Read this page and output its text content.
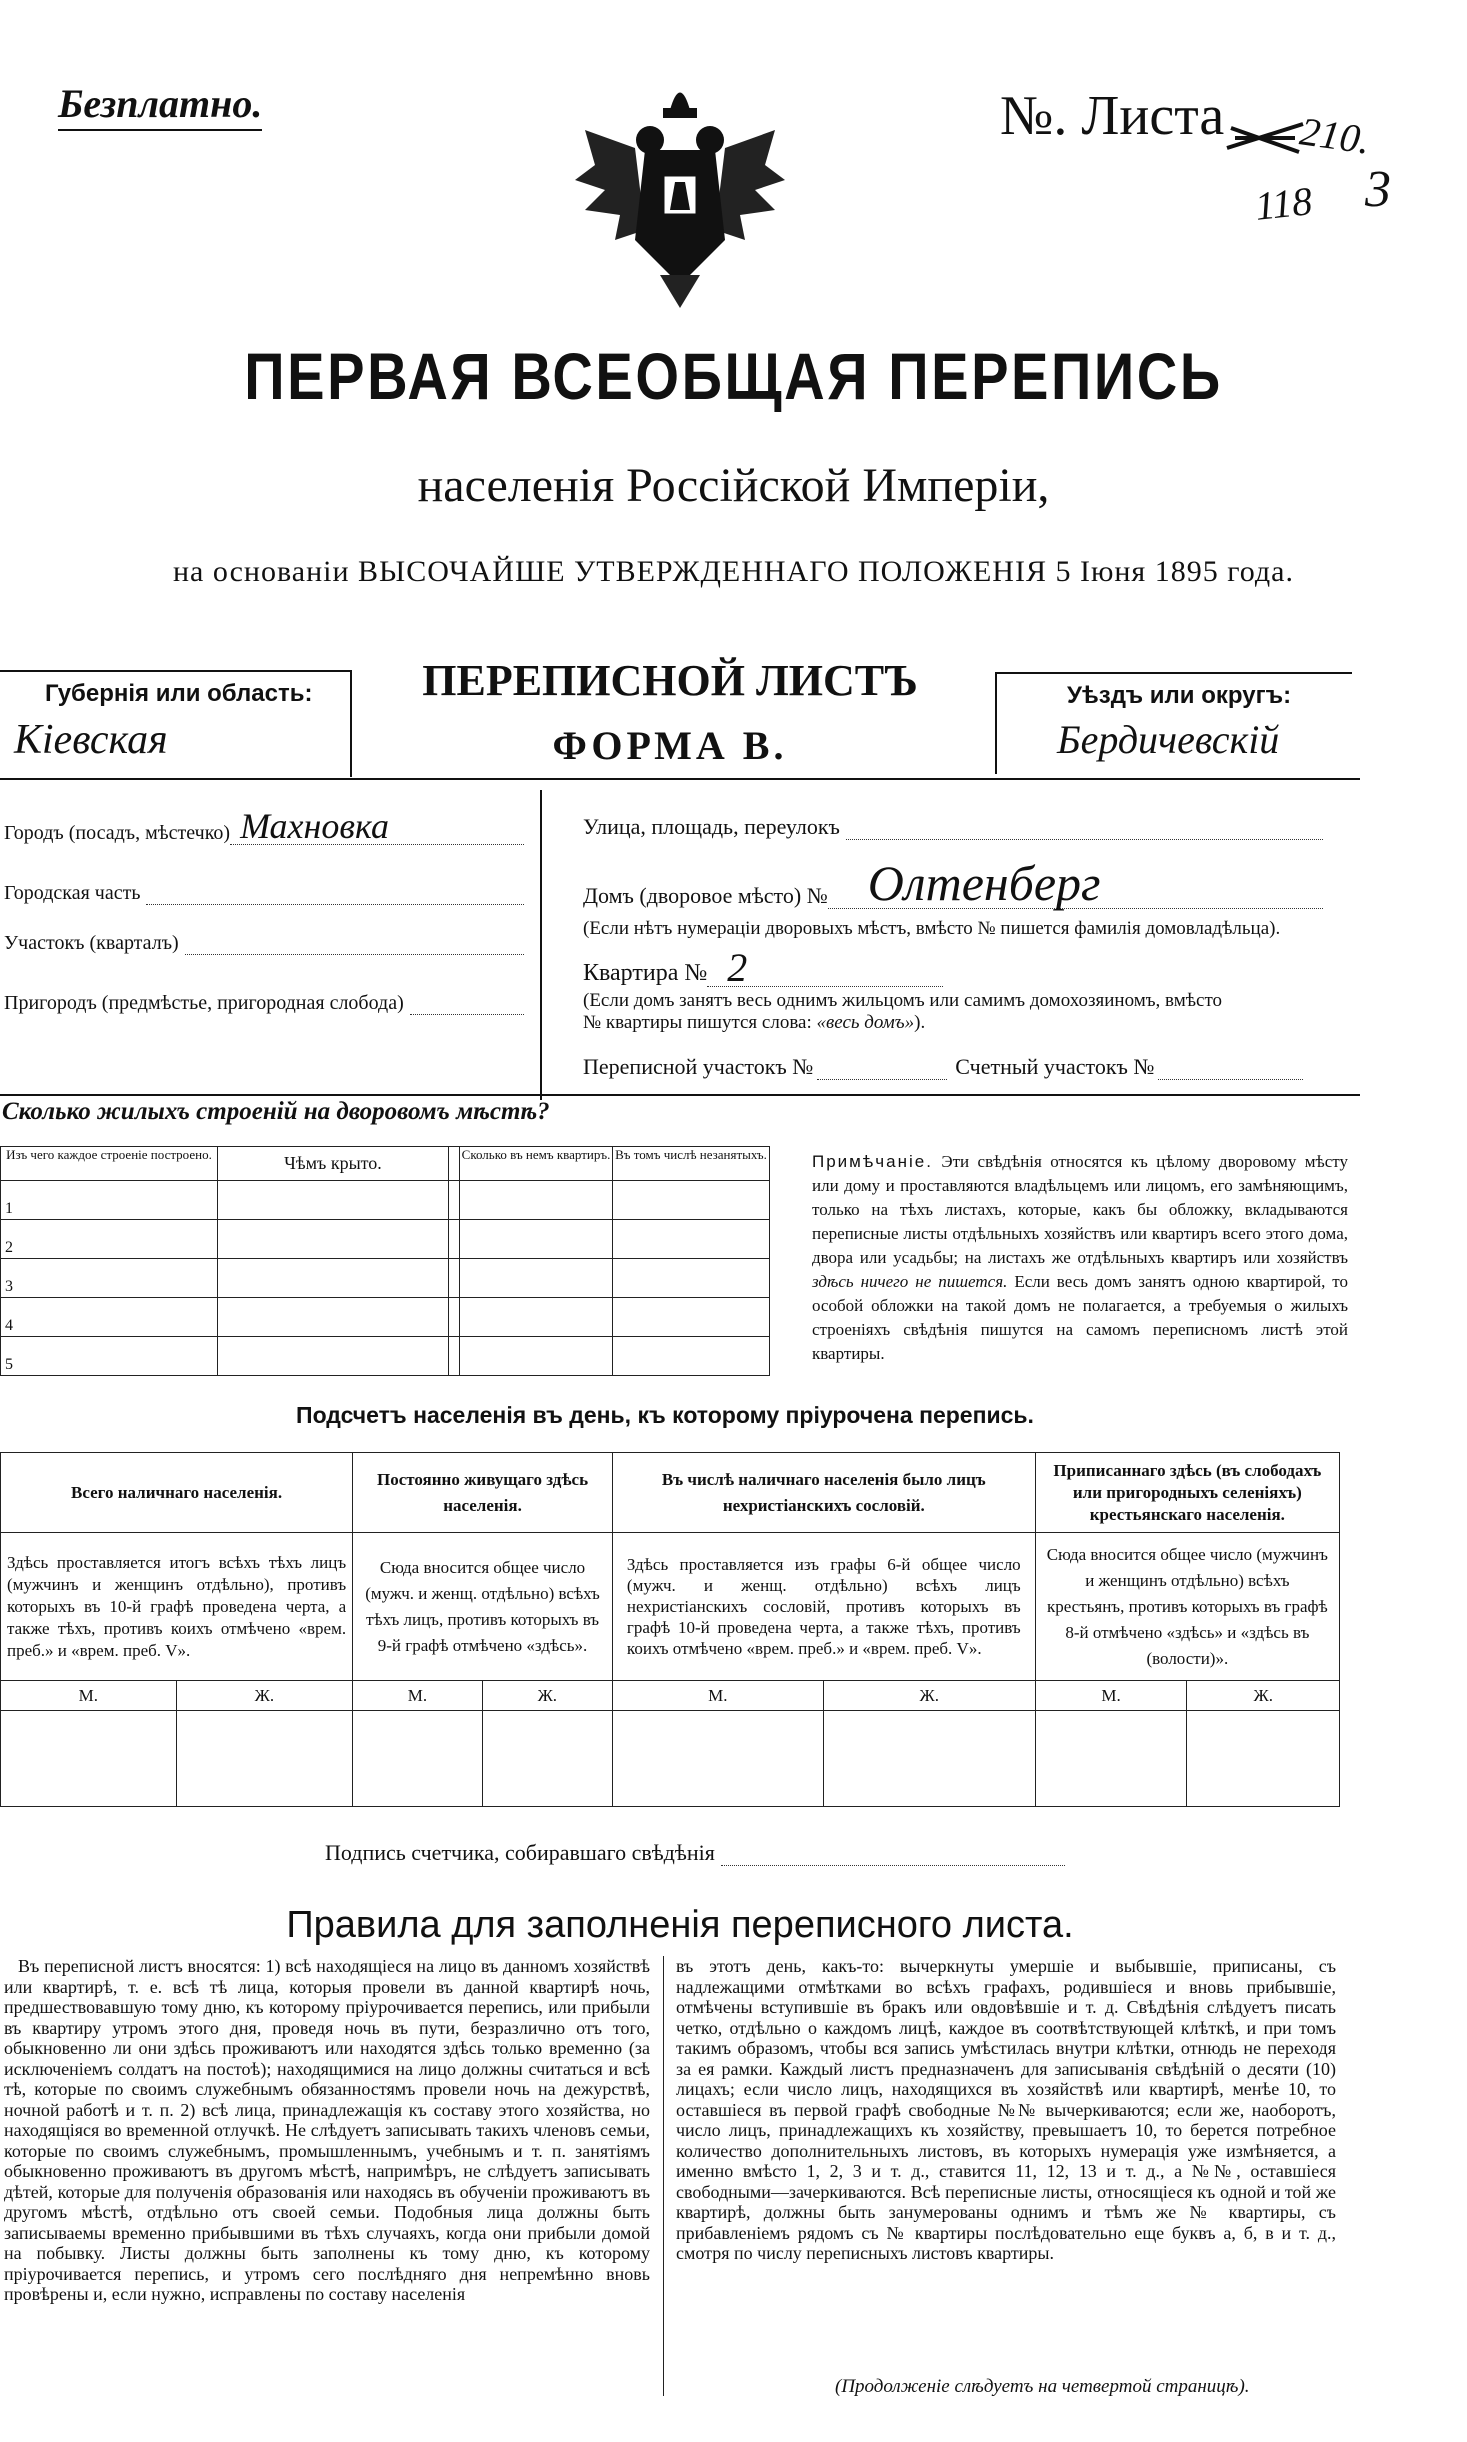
Безплатно.	№. Листа 210.
118 3
ПЕРВАЯ ВСЕОБЩАЯ ПЕРЕПИСЬ
населенія Россійской Имперіи,
на основаніи ВЫСОЧАЙШЕ УТВЕРЖДЕННАГО ПОЛОЖЕНІЯ 5 Іюня 1895 года.
Губернія или область:
Кіевская
ПЕРЕПИСНОЙ ЛИСТЪ
ФОРМА В.
Уѣздъ или округъ:
Бердичевскій
Городъ (посадъ, мѣстечко) Махновка
Городская часть
Участокъ (кварталъ)
Пригородъ (предмѣстье, пригородная слобода)
Улица, площадь, переулокъ
Домъ (дворовое мѣсто) № Олтенберг
(Если нѣтъ нумераціи дворовыхъ мѣстъ, вмѣсто № пишется фамилія домовладѣльца).
Квартира № 2
(Если домъ занятъ весь однимъ жильцомъ или самимъ домохозяиномъ, вмѣсто
№ квартиры пишутся слова: «весь домъ»).
Переписной участокъ №	Счетный участокъ №
Сколько жилыхъ строеній на дворовомъ мѣстѣ?
Изъ чего каждое строеніе построено.	Чѣмъ крыто.		Сколько въ немъ квартиръ.	Въ томъ числѣ незанятыхъ.
1				
2				
3				
4				
5				
Примѣчаніе. Эти свѣдѣнія относятся къ цѣлому дворовому мѣсту или дому и проставляются владѣльцемъ или лицомъ, его замѣняющимъ, только на тѣхъ листахъ, которые, какъ бы обложку, вкладываются переписные листы отдѣльныхъ хозяйствъ или квартиръ всего этого дома, двора или усадьбы; на листахъ же отдѣльныхъ квартиръ или хозяйствъ здѣсь ничего не пишется. Если весь домъ занятъ одною квартирой, то особой обложки на такой домъ не полагается, а требуемыя о жилыхъ строеніяхъ свѣдѣнія пишутся на самомъ переписномъ листѣ этой квартиры.
Подсчетъ населенія въ день, къ которому пріурочена перепись.
Всего наличнаго населенія.		Постоянно живущаго здѣсь населенія.		Въ числѣ наличнаго населенія было лицъ нехристіанскихъ сословій.		Приписаннаго здѣсь (въ слободахъ или пригородныхъ селеніяхъ) крестьянскаго населенія.	
Здѣсь проставляется итогъ всѣхъ тѣхъ лицъ (мужчинъ и женщинъ отдѣльно), противъ которыхъ въ 10-й графѣ проведена черта, а также тѣхъ, противъ коихъ отмѣчено «врем. преб.» и «врем. преб. V».		Сюда вносится общее число (мужч. и женщ. отдѣльно) всѣхъ тѣхъ лицъ, противъ которыхъ въ 9-й графѣ отмѣчено «здѣсь».		Здѣсь проставляется изъ графы 6-й общее число (мужч. и женщ. отдѣльно) всѣхъ лицъ нехристіанскихъ сословій, противъ которыхъ въ графѣ 10-й проведена черта, а также тѣхъ, противъ коихъ отмѣчено «врем. преб.» и «врем. преб. V».		Сюда вносится общее число (мужчинъ и женщинъ отдѣльно) всѣхъ крестьянъ, противъ которыхъ въ графѣ 8-й отмѣчено «здѣсь» и «здѣсь въ (волости)».	
М.	Ж.	М.	Ж.	М.	Ж.	М.	Ж.

Подпись счетчика, собиравшаго свѣдѣнія
Правила для заполненія переписного листа.
Въ переписной листъ вносятся: 1) всѣ находящіеся на лицо въ данномъ хозяйствѣ или квартирѣ, т. е. всѣ тѣ лица, которыя провели въ данной квартирѣ ночь, предшествовавшую тому дню, къ которому пріурочивается перепись, или прибыли въ квартиру утромъ этого дня, проведя ночь въ пути, безразлично отъ того, обыкновенно ли они здѣсь проживаютъ или находятся здѣсь только временно (за исключеніемъ солдатъ на постоѣ); находящимися на лицо должны считаться и всѣ тѣ, которые по своимъ служебнымъ обязанностямъ провели ночь на дежурствѣ, ночной работѣ и т. п. 2) всѣ лица, принадлежащія къ составу этого хозяйства, но находящіяся во временной отлучкѣ. Не слѣдуетъ записывать такихъ членовъ семьи, которые по своимъ служебнымъ, промышленнымъ, учебнымъ и т. п. занятіямъ обыкновенно проживаютъ въ другомъ мѣстѣ, напримѣръ, не слѣдуетъ записывать дѣтей, которые для полученія образованія или находясь въ обученіи проживаютъ въ другомъ мѣстѣ, отдѣльно отъ своей семьи. Подобныя лица должны быть записываемы временно прибывшими въ тѣхъ случаяхъ, когда они прибыли домой на побывку. Листы должны быть заполнены къ тому дню, къ которому пріурочивается перепись, и утромъ сего послѣдняго дня непремѣнно вновь провѣрены и, если нужно, исправлены по составу населенія
въ этотъ день, какъ-то: вычеркнуты умершіе и выбывшіе, приписаны, съ надлежащими отмѣтками во всѣхъ графахъ, родившіеся и вновь прибывшіе, отмѣчены вступившіе въ бракъ или овдовѣвшіе и т. д. Свѣдѣнія слѣдуетъ писать четко, отдѣльно о каждомъ лицѣ, каждое въ соотвѣтствующей клѣткѣ, и при томъ такимъ образомъ, чтобы вся запись умѣстилась внутри клѣтки, отнюдь не переходя за ея рамки. Каждый листъ предназначенъ для записыванія свѣдѣній о десяти (10) лицахъ; если число лицъ, находящихся въ хозяйствѣ или квартирѣ, менѣе 10, то оставшіеся въ первой графѣ свободные №№ вычеркиваются; если же, наоборотъ, число лицъ, принадлежащихъ къ хозяйству, превышаетъ 10, то берется потребное количество дополнительныхъ листовъ, въ которыхъ нумерація уже измѣняется, а именно вмѣсто 1, 2, 3 и т. д., ставится 11, 12, 13 и т. д., а №№, оставшіеся свободными—зачеркиваются. Всѣ переписные листы, относящіеся къ одной и той же квартирѣ, должны быть занумерованы однимъ и тѣмъ же № квартиры, съ прибавленіемъ рядомъ съ № квартиры послѣдовательно еще буквъ а, б, в и т. д., смотря по числу переписныхъ листовъ квартиры.
(Продолженіе слѣдуетъ на четвертой страницѣ).
